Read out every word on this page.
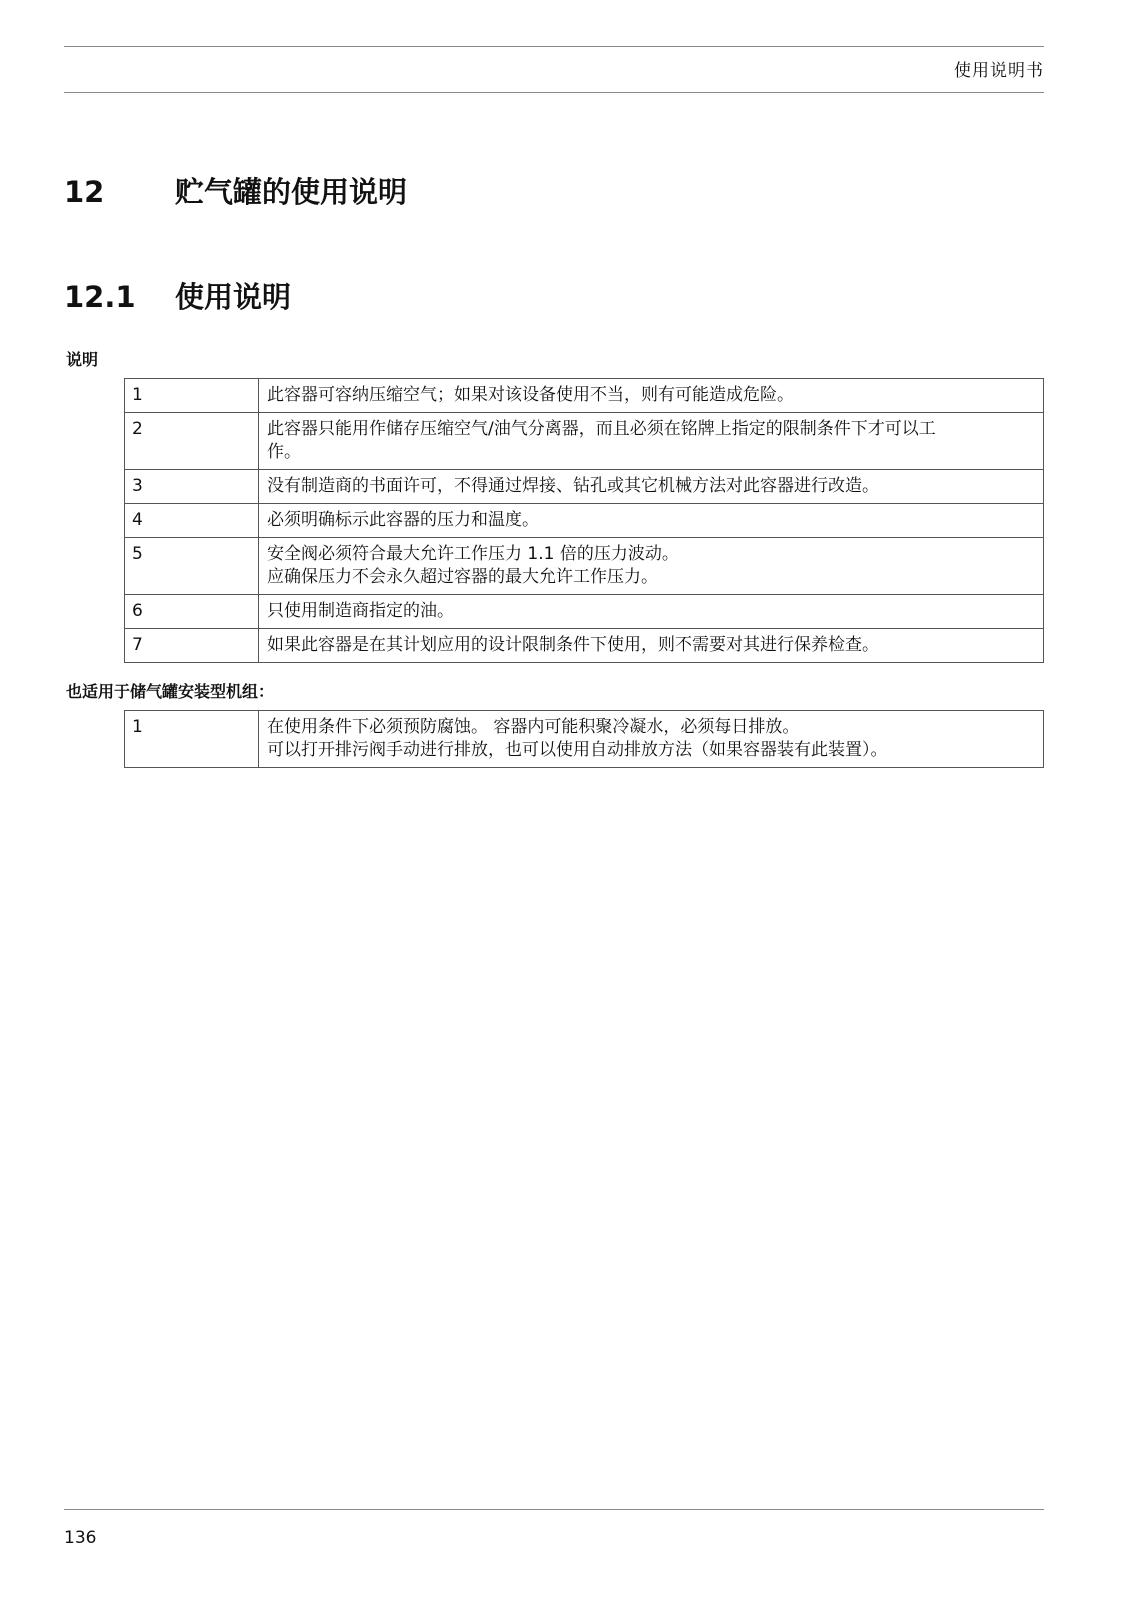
使用说明书
12	贮气罐的使用说明
12.1	使用说明
说明
1	此容器可容纳压缩空气；如果对该设备使用不当，则有可能造成危险。

2	此容器只能用作储存压缩空气/油气分离器，而且必须在铭牌上指定的限制条件下才可以工
作。

3	没有制造商的书面许可，不得通过焊接、钻孔或其它机械方法对此容器进行改造。

4	必须明确标示此容器的压力和温度。

5	安全阀必须符合最大允许工作压力 1.1 倍的压力波动。
应确保压力不会永久超过容器的最大允许工作压力。

6	只使用制造商指定的油。

7	如果此容器是在其计划应用的设计限制条件下使用，则不需要对其进行保养检查。
也适用于储气罐安装型机组：
1	在使用条件下必须预防腐蚀。 容器内可能积聚冷凝水，必须每日排放。
可以打开排污阀手动进行排放，也可以使用自动排放方法（如果容器装有此装置）。
136
